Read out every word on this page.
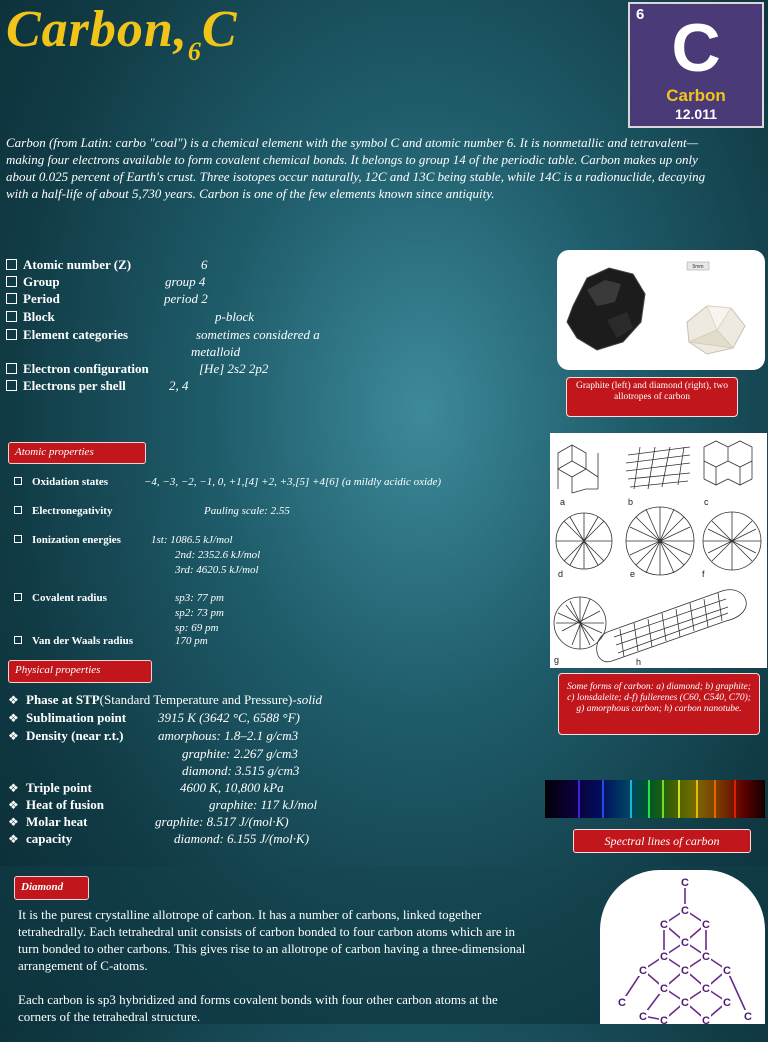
$Carbon,_6C$	6 C
Carbon
12.011
Carbon (from Latin: carbo "coal") is a chemical element with the symbol C and atomic number 6. It is nonmetallic and tetravalent—making four electrons available to form covalent chemical bonds. It belongs to group 14 of the periodic table. Carbon makes up only about 0.025 percent of Earth's crust. Three isotopes occur naturally, 12C and 13C being stable, while 14C is a radionuclide, decaying with a half-life of about 5,730 years. Carbon is one of the few elements known since antiquity.
Atomic number (Z)	6
Group	group 4
Period	period 2
Block	p-block
Element categories	sometimes considered a
metalloid
Electron configuration	[He] 2s2 2p2
Electrons per shell	2, 4
5mm
Graphite (left) and diamond (right), two allotropes of carbon
Atomic properties
Oxidation states	−4, −3, −2, −1, 0, +1,[4] +2, +3,[5] +4[6] (a mildly acidic oxide)
Electronegativity	Pauling scale: 2.55
Ionization energies	1st: 1086.5 kJ/mol
2nd: 2352.6 kJ/mol
3rd: 4620.5 kJ/mol
Covalent radius	sp3: 77 pm
sp2: 73 pm
sp: 69 pm
Van der Waals radius	170 pm
a	b	c
d	e	f
g	h
Some forms of carbon: a) diamond; b) graphite; c) lonsdaleite; d-f) fullerenes (C60, C540, C70); g) amorphous carbon; h) carbon nanotube.
Physical properties
❖ Phase at STP(Standard Temperature and Pressure)-solid
❖ Sublimation point 3915 K (3642 °C, 6588 °F)
❖ Density (near r.t.)	amorphous: 1.8–2.1 g/cm3
graphite: 2.267 g/cm3
diamond: 3.515 g/cm3
❖ Triple point	4600 K, 10,800 kPa
❖ Heat of fusion	graphite: 117 kJ/mol
❖ Molar heat	graphite: 8.517 J/(mol·K)
❖ capacity	diamond: 6.155 J/(mol·K)	Spectral lines of carbon
Diamond

It is the purest crystalline allotrope of carbon. It has a number of carbons, linked together tetrahedrally. Each tetrahedral unit consists of carbon bonded to four carbon atoms which are in turn bonded to other carbons. This gives rise to an allotrope of carbon having a three-dimensional arrangement of C-atoms.

Each carbon is sp3 hybridized and forms covalent bonds with four other carbon atoms at the corners of the tetrahedral structure.

C
C
C	C
C
C	C
C	C	C
C	C
C
C
C	C
C
C	C
